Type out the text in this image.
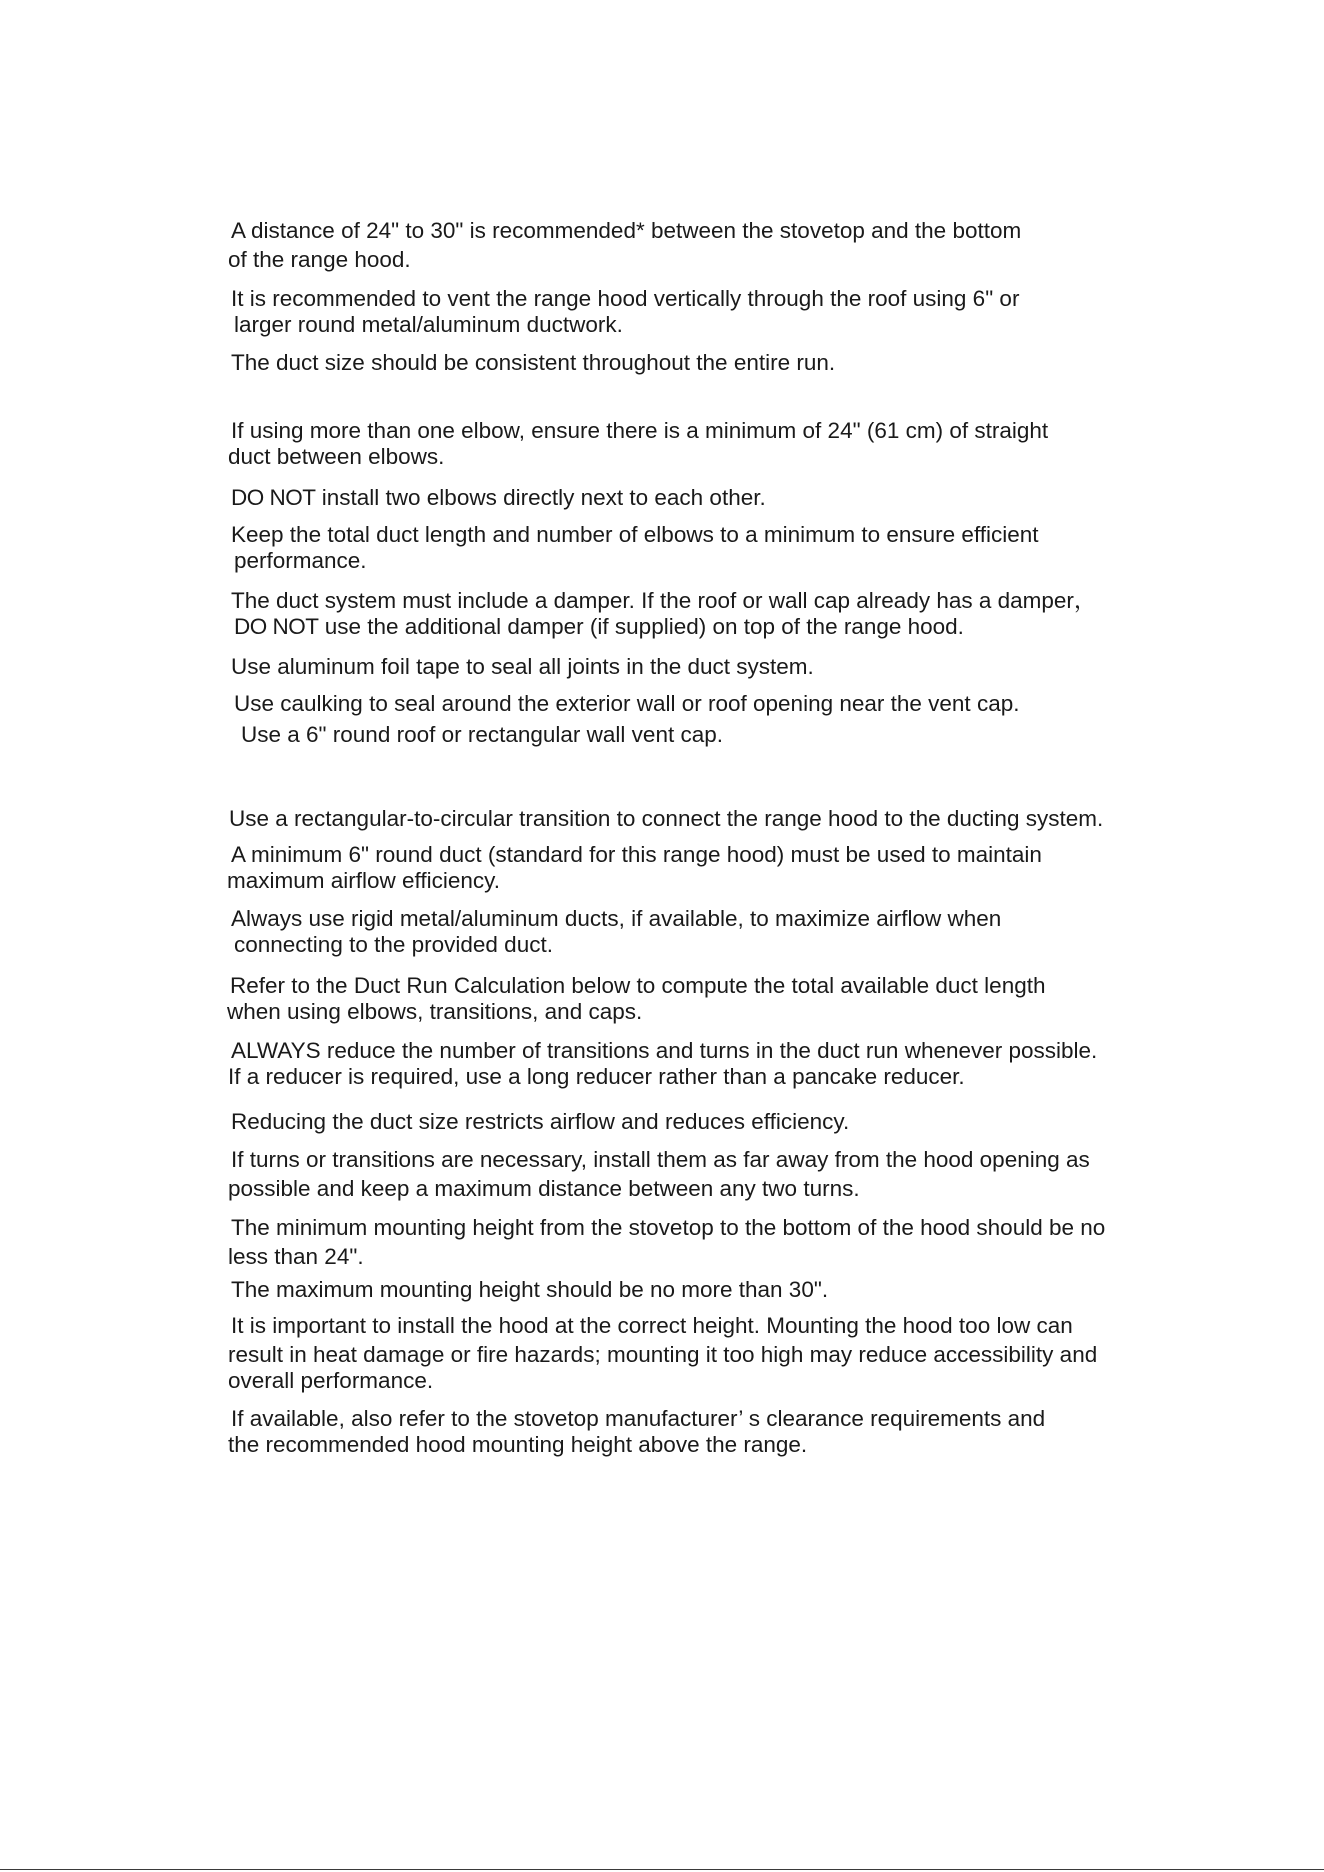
A distance of 24" to 30" is recommended* between the stovetop and the bottom
of the range hood.

It is recommended to vent the range hood vertically through the roof using 6" or
larger round metal/aluminum ductwork.

The duct size should be consistent throughout the entire run.

If using more than one elbow, ensure there is a minimum of 24" (61 cm) of straight
duct between elbows.

DO NOT install two elbows directly next to each other.

Keep the total duct length and number of elbows to a minimum to ensure efficient
performance.

The duct system must include a damper. If the roof or wall cap already has a damper，
DO NOT use the additional damper (if supplied) on top of the range hood.

Use aluminum foil tape to seal all joints in the duct system.

Use caulking to seal around the exterior wall or roof opening near the vent cap.

Use a 6" round roof or rectangular wall vent cap.

Use a rectangular-to-circular transition to connect the range hood to the ducting system.

A minimum 6" round duct (standard for this range hood) must be used to maintain
maximum airflow efficiency.

Always use rigid metal/aluminum ducts, if available, to maximize airflow when
connecting to the provided duct.

Refer to the Duct Run Calculation below to compute the total available duct length
when using elbows, transitions, and caps.

ALWAYS reduce the number of transitions and turns in the duct run whenever possible.
If a reducer is required, use a long reducer rather than a pancake reducer.

Reducing the duct size restricts airflow and reduces efficiency.

If turns or transitions are necessary, install them as far away from the hood opening as
possible and keep a maximum distance between any two turns.

The minimum mounting height from the stovetop to the bottom of the hood should be no
less than 24".

The maximum mounting height should be no more than 30".

It is important to install the hood at the correct height. Mounting the hood too low can
result in heat damage or fire hazards; mounting it too high may reduce accessibility and
overall performance.

If available, also refer to the stovetop manufacturer’ s clearance requirements and
the recommended hood mounting height above the range.
